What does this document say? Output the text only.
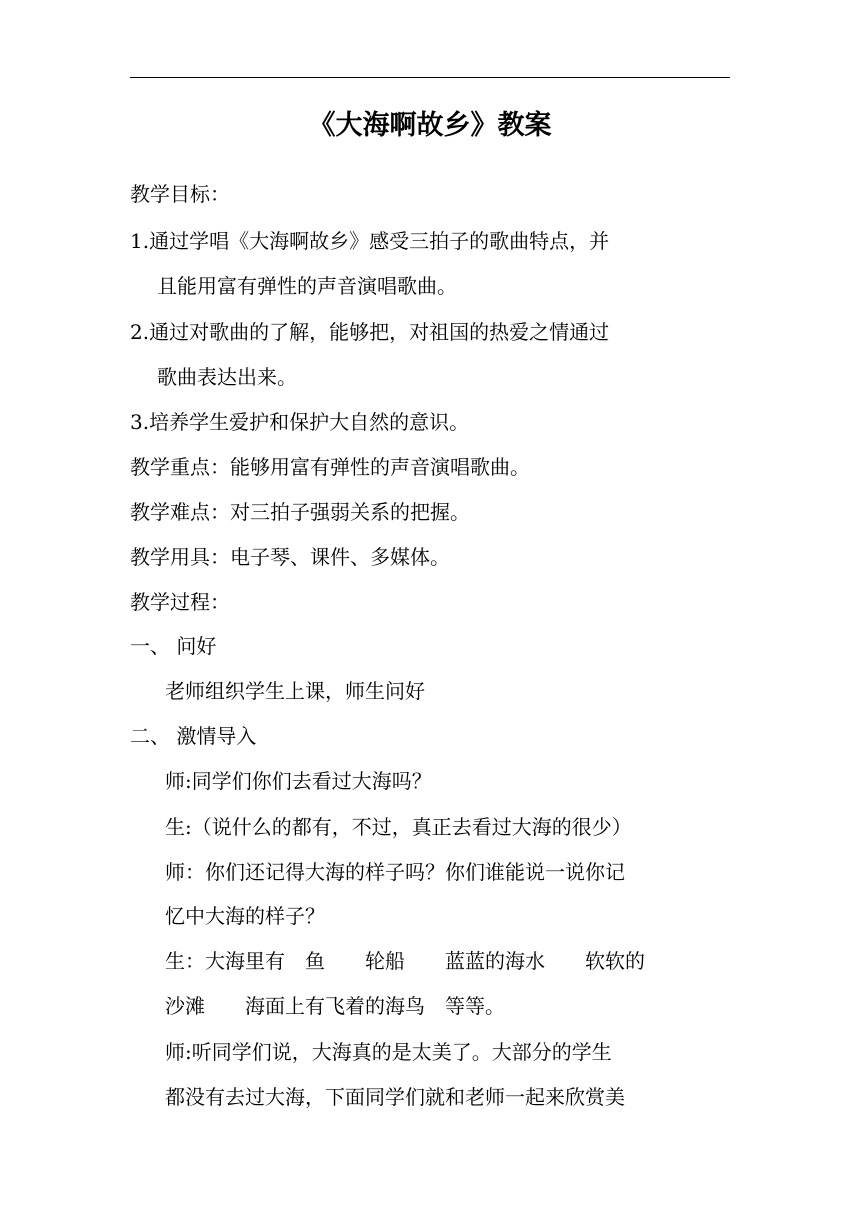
《大海啊故乡》教案
教学目标：
1.通过学唱《大海啊故乡》感受三拍子的歌曲特点，并
且能用富有弹性的声音演唱歌曲。
2.通过对歌曲的了解，能够把，对祖国的热爱之情通过
歌曲表达出来。
3.培养学生爱护和保护大自然的意识。
教学重点：能够用富有弹性的声音演唱歌曲。
教学难点：对三拍子强弱关系的把握。
教学用具：电子琴、课件、多媒体。
教学过程：
一、 问好
老师组织学生上课，师生问好
二、 激情导入
师:同学们你们去看过大海吗？
生:（说什么的都有，不过，真正去看过大海的很少）
师：你们还记得大海的样子吗？你们谁能说一说你记
忆中大海的样子？
生：大海里有　鱼　　轮船　　蓝蓝的海水　　软软的
沙滩　　海面上有飞着的海鸟　等等。
师:听同学们说，大海真的是太美了。大部分的学生
都没有去过大海，下面同学们就和老师一起来欣赏美
